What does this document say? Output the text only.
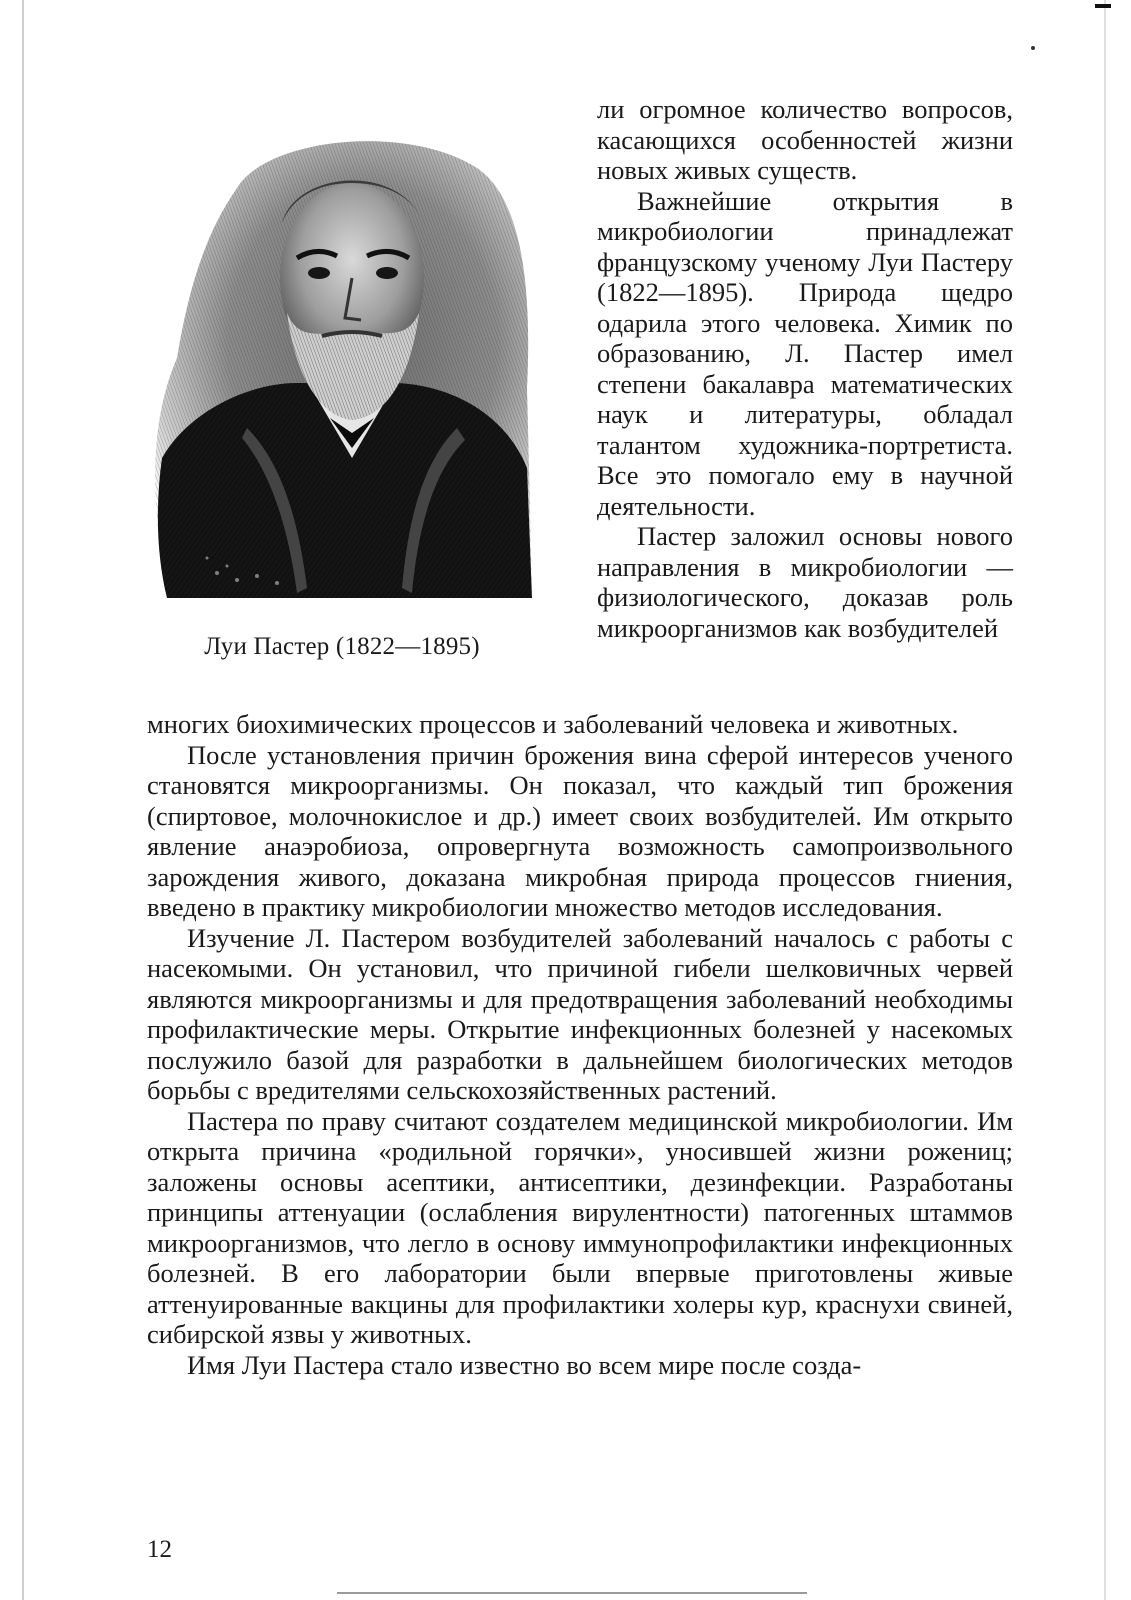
Луи Пастер (1822—1895)

ли огромное количество вопросов, касающихся особенностей жизни новых живых существ.

Важнейшие открытия в микробиологии принадлежат французскому ученому Луи Пастеру (1822—1895). Природа щедро одарила этого человека. Химик по образованию, Л. Пастер имел степени бакалавра математических наук и литературы, обладал талантом художника-портретиста. Все это помогало ему в научной деятельности.

Пастер заложил основы нового направления в микробиологии — физиологического, доказав роль микроорганизмов как возбудителей

многих биохимических процессов и заболеваний человека и животных.

После установления причин брожения вина сферой интересов ученого становятся микроорганизмы. Он показал, что каждый тип брожения (спиртовое, молочнокислое и др.) имеет своих возбудителей. Им открыто явление анаэробиоза, опровергнута возможность самопроизвольного зарождения живого, доказана микробная природа процессов гниения, введено в практику микробиологии множество методов исследования.

Изучение Л. Пастером возбудителей заболеваний началось с работы с насекомыми. Он установил, что причиной гибели шелковичных червей являются микроорганизмы и для предотвращения заболеваний необходимы профилактические меры. Открытие инфекционных болезней у насекомых послужило базой для разработки в дальнейшем биологических методов борьбы с вредителями сельскохозяйственных растений.

Пастера по праву считают создателем медицинской микробиологии. Им открыта причина «родильной горячки», уносившей жизни рожениц; заложены основы асептики, антисептики, дезинфекции. Разработаны принципы аттенуации (ослабления вирулентности) патогенных штаммов микроорганизмов, что легло в основу иммунопрофилактики инфекционных болезней. В его лаборатории были впервые приготовлены живые аттенуированные вакцины для профилактики холеры кур, краснухи свиней, сибирской язвы у животных.

Имя Луи Пастера стало известно во всем мире после созда-

12
